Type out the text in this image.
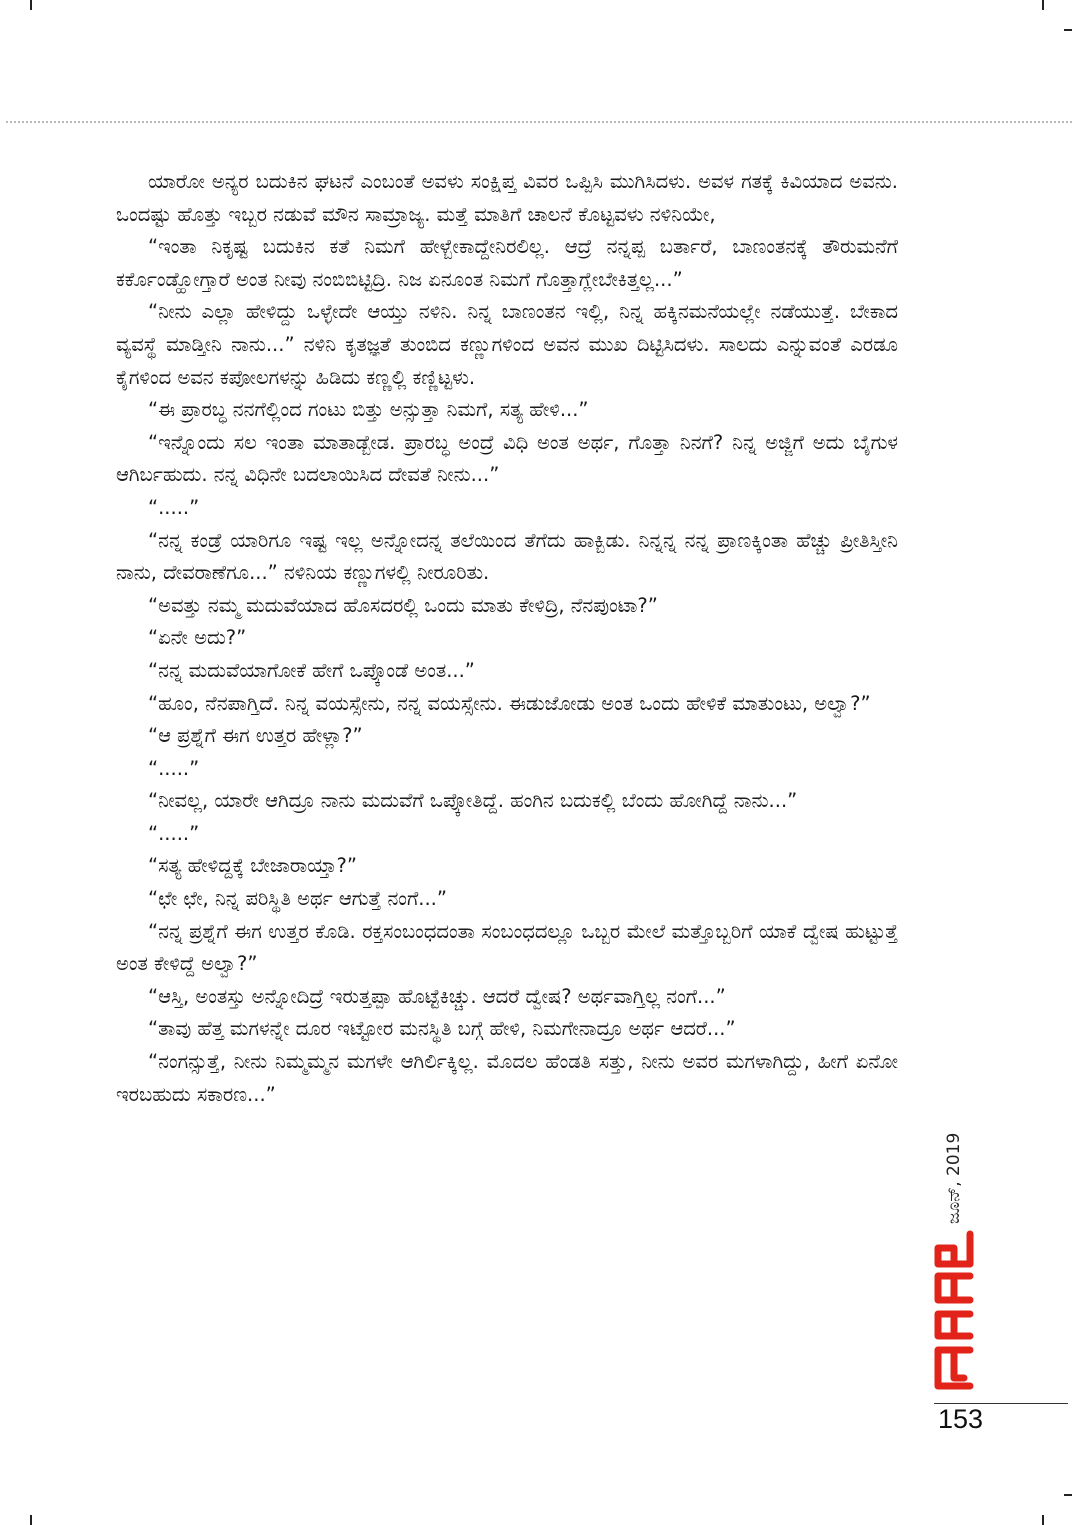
ಯಾರೋ ಅನ್ಯರ ಬದುಕಿನ ಘಟನೆ ಎಂಬಂತೆ ಅವಳು ಸಂಕ್ಷಿಪ್ತ ವಿವರ ಒಪ್ಪಿಸಿ ಮುಗಿಸಿದಳು. ಅವಳ ಗತಕ್ಕೆ ಕಿವಿಯಾದ ಅವನು. ಒಂದಷ್ಟು ಹೊತ್ತು ಇಬ್ಬರ ನಡುವೆ ಮೌನ ಸಾಮ್ರಾಜ್ಯ. ಮತ್ತೆ ಮಾತಿಗೆ ಚಾಲನೆ ಕೊಟ್ಟವಳು ನಳಿನಿಯೇ,

“ಇಂತಾ ನಿಕೃಷ್ಟ ಬದುಕಿನ ಕತೆ ನಿಮಗೆ ಹೇಳ್ಬೇಕಾದ್ದೇನಿರಲಿಲ್ಲ. ಆದ್ರೆ ನನ್ನಪ್ಪ ಬರ್ತಾರೆ, ಬಾಣಂತನಕ್ಕೆ ತೌರುಮನೆಗೆ ಕರ್ಕೊಂಡ್ಹೋಗ್ತಾರೆ ಅಂತ ನೀವು ನಂಬಿಬಿಟ್ಟಿದ್ರಿ. ನಿಜ ಏನೂಂತ ನಿಮಗೆ ಗೊತ್ತಾಗ್ಲೇಬೇಕಿತ್ತಲ್ಲ...”

“ನೀನು ಎಲ್ಲಾ ಹೇಳಿದ್ದು ಒಳ್ಳೇದೇ ಆಯ್ತು ನಳಿನಿ. ನಿನ್ನ ಬಾಣಂತನ ಇಲ್ಲಿ, ನಿನ್ನ ಹಕ್ಕಿನಮನೆಯಲ್ಲೇ ನಡೆಯುತ್ತೆ. ಬೇಕಾದ ವ್ಯವಸ್ಥೆ ಮಾಡ್ತೀನಿ ನಾನು...” ನಳಿನಿ ಕೃತಜ್ಞತೆ ತುಂಬಿದ ಕಣ್ಣುಗಳಿಂದ ಅವನ ಮುಖ ದಿಟ್ಟಿಸಿದಳು. ಸಾಲದು ಎನ್ನುವಂತೆ ಎರಡೂ ಕೈಗಳಿಂದ ಅವನ ಕಪೋಲಗಳನ್ನು ಹಿಡಿದು ಕಣ್ಣಲ್ಲಿ ಕಣ್ಣಿಟ್ಟಳು.

“ಈ ಪ್ರಾರಬ್ಧ ನನಗೆಲ್ಲಿಂದ ಗಂಟು ಬಿತ್ತು ಅನ್ಸುತ್ತಾ ನಿಮಗೆ, ಸತ್ಯ ಹೇಳಿ...”

“ಇನ್ನೊಂದು ಸಲ ಇಂತಾ ಮಾತಾಡ್ಬೇಡ. ಪ್ರಾರಬ್ಧ ಅಂದ್ರೆ ವಿಧಿ ಅಂತ ಅರ್ಥ, ಗೊತ್ತಾ ನಿನಗೆ? ನಿನ್ನ ಅಜ್ಜಿಗೆ ಅದು ಬೈಗುಳ ಆಗಿರ್ಬಹುದು. ನನ್ನ ವಿಧಿನೇ ಬದಲಾಯಿಸಿದ ದೇವತೆ ನೀನು...”

“.....”

“ನನ್ನ ಕಂಡ್ರೆ ಯಾರಿಗೂ ಇಷ್ಟ ಇಲ್ಲ ಅನ್ನೋದನ್ನ ತಲೆಯಿಂದ ತೆಗೆದು ಹಾಕ್ಬಿಡು. ನಿನ್ನನ್ನ ನನ್ನ ಪ್ರಾಣಕ್ಕಿಂತಾ ಹೆಚ್ಚು ಪ್ರೀತಿಸ್ತೀನಿ ನಾನು, ದೇವರಾಣೆಗೂ...” ನಳಿನಿಯ ಕಣ್ಣುಗಳಲ್ಲಿ ನೀರೂರಿತು.

“ಅವತ್ತು ನಮ್ಮ ಮದುವೆಯಾದ ಹೊಸದರಲ್ಲಿ ಒಂದು ಮಾತು ಕೇಳಿದ್ರಿ, ನೆನಪುಂಟಾ?”

“ಏನೇ ಅದು?”

“ನನ್ನ ಮದುವೆಯಾಗೋಕೆ ಹೇಗೆ ಒಪ್ಕೊಂಡೆ ಅಂತ...”

“ಹೂಂ, ನೆನಪಾಗ್ತಿದೆ. ನಿನ್ನ ವಯಸ್ಸೇನು, ನನ್ನ ವಯಸ್ಸೇನು. ಈಡುಜೋಡು ಅಂತ ಒಂದು ಹೇಳಿಕೆ ಮಾತುಂಟು, ಅಲ್ವಾ?”

“ಆ ಪ್ರಶ್ನೆಗೆ ಈಗ ಉತ್ತರ ಹೇಳ್ಲಾ?”

“.....”

“ನೀವಲ್ಲ, ಯಾರೇ ಆಗಿದ್ರೂ ನಾನು ಮದುವೆಗೆ ಒಪ್ಕೋತಿದ್ದೆ. ಹಂಗಿನ ಬದುಕಲ್ಲಿ ಬೆಂದು ಹೋಗಿದ್ದೆ ನಾನು...”

“.....”

“ಸತ್ಯ ಹೇಳಿದ್ದಕ್ಕೆ ಬೇಜಾರಾಯ್ತಾ?”

“ಛೇ ಛೇ, ನಿನ್ನ ಪರಿಸ್ಥಿತಿ ಅರ್ಥ ಆಗುತ್ತೆ ನಂಗೆ...”

“ನನ್ನ ಪ್ರಶ್ನೆಗೆ ಈಗ ಉತ್ತರ ಕೊಡಿ. ರಕ್ತಸಂಬಂಧದಂತಾ ಸಂಬಂಧದಲ್ಲೂ ಒಬ್ಬರ ಮೇಲೆ ಮತ್ತೊಬ್ಬರಿಗೆ ಯಾಕೆ ದ್ವೇಷ ಹುಟ್ಟುತ್ತೆ ಅಂತ ಕೇಳಿದ್ದೆ ಅಲ್ವಾ?”

“ಆಸ್ತಿ, ಅಂತಸ್ತು ಅನ್ನೋದಿದ್ರೆ ಇರುತ್ತಪ್ಪಾ ಹೊಟ್ಟೆಕಿಚ್ಚು. ಆದರೆ ದ್ವೇಷ? ಅರ್ಥವಾಗ್ತಿಲ್ಲ ನಂಗೆ...”

“ತಾವು ಹೆತ್ತ ಮಗಳನ್ನೇ ದೂರ ಇಟ್ಟೋರ ಮನಸ್ಥಿತಿ ಬಗ್ಗೆ ಹೇಳಿ, ನಿಮಗೇನಾದ್ರೂ ಅರ್ಥ ಆದರೆ...”

“ನಂಗನ್ಸುತ್ತೆ, ನೀನು ನಿಮ್ಮಮ್ಮನ ಮಗಳೇ ಆಗಿರ್ಲಿಕ್ಕಿಲ್ಲ. ಮೊದಲ ಹೆಂಡತಿ ಸತ್ತು, ನೀನು ಅವರ ಮಗಳಾಗಿದ್ದು, ಹೀಗೆ ಏನೋ ಇರಬಹುದು ಸಕಾರಣ...”

ಜೂನ್, 2019
153
